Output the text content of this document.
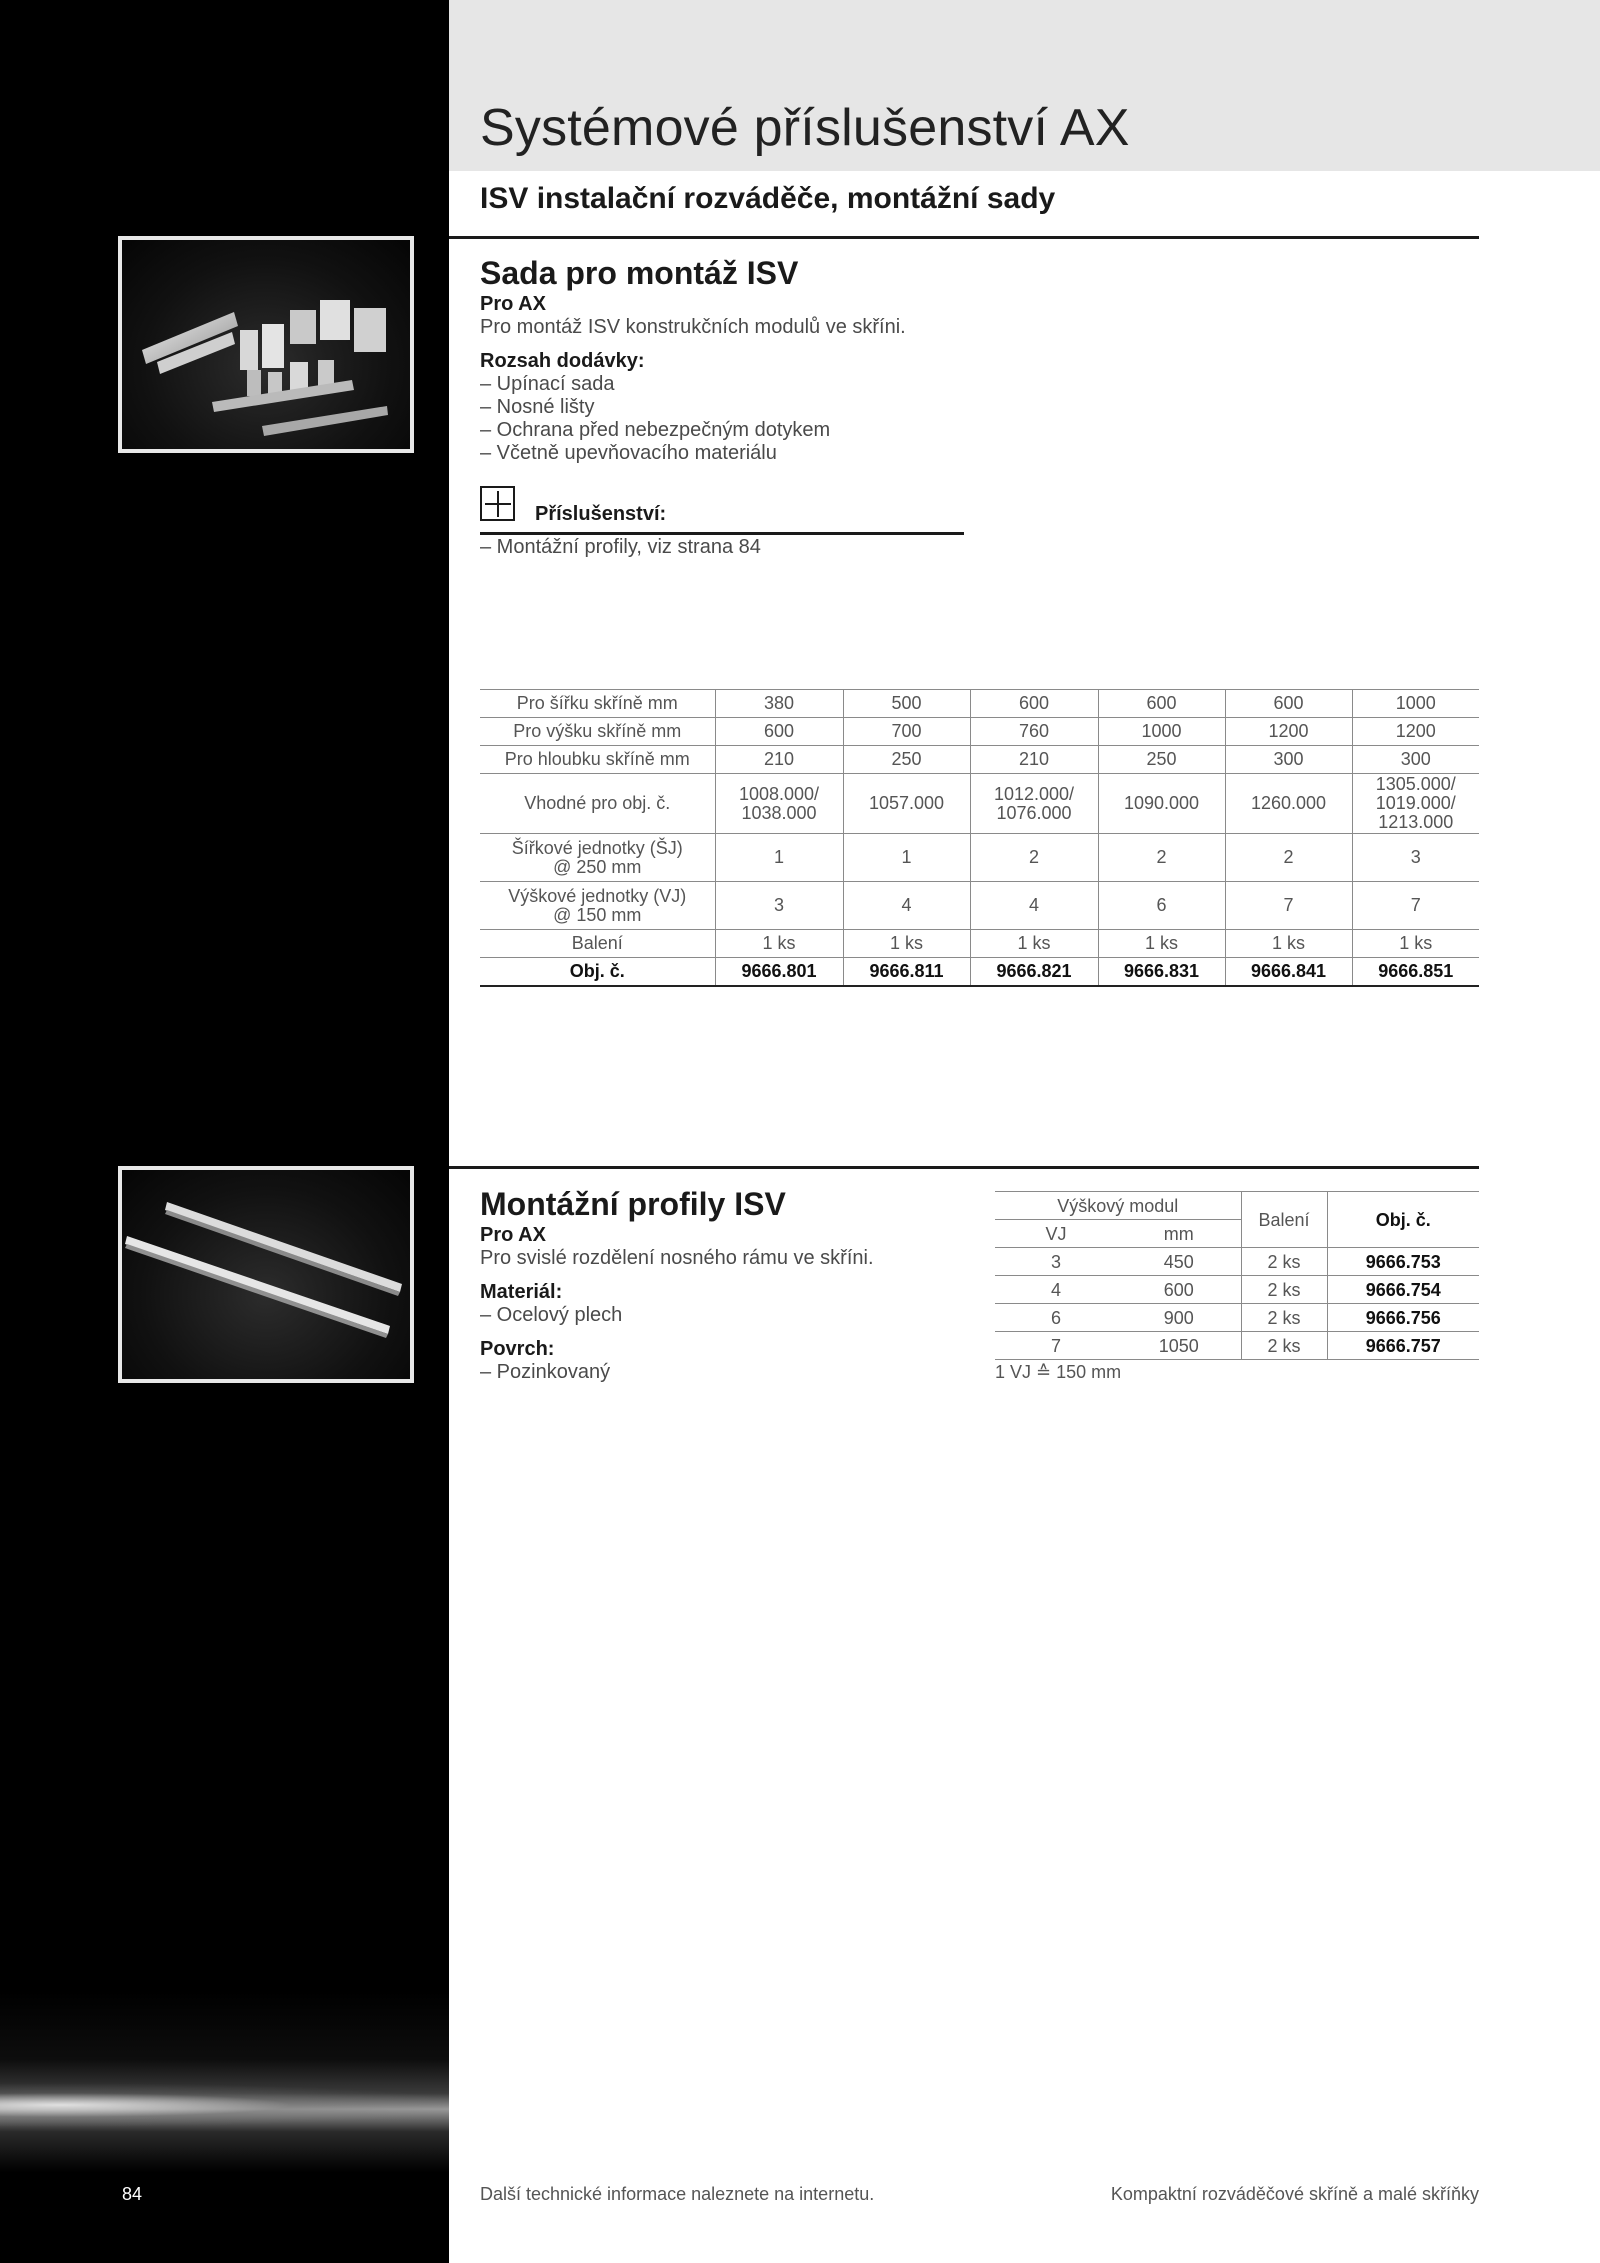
Systémové příslušenství AX
ISV instalační rozváděče, montážní sady

Sada pro montáž ISV

Pro AX

Pro montáž ISV konstrukčních modulů ve skříni.

Rozsah dodávky:

– Upínací sada

– Nosné lišty

– Ochrana před nebezpečným dotykem

– Včetně upevňovacího materiálu

Příslušenství:

– Montážní profily, viz strana 84

Pro šířku skříně mm	380	500	600	600	600	1000
Pro výšku skříně mm	600	700	760	1000	1200	1200
Pro hloubku skříně mm	210	250	210	250	300	300
Vhodné pro obj. č.	1008.000/
1038.000	1057.000	1012.000/
1076.000	1090.000	1260.000	1305.000/
1019.000/
1213.000
Šířkové jednotky (ŠJ)
@ 250 mm	1	1	2	2	2	3
Výškové jednotky (VJ)
@ 150 mm	3	4	4	6	7	7
Balení	1 ks	1 ks	1 ks	1 ks	1 ks	1 ks
Obj. č.	9666.801	9666.811	9666.821	9666.831	9666.841	9666.851

Montážní profily ISV

Pro AX

Pro svislé rozdělení nosného rámu ve skříni.

Materiál:

– Ocelový plech

Povrch:

– Pozinkovaný

Výškový modul		Balení	Obj. č.
VJ	mm		
3	450	2 ks	9666.753
4	600	2 ks	9666.754
6	900	2 ks	9666.756
7	1050	2 ks	9666.757
1 VJ ≙ 150 mm
84	Další technické informace naleznete na internetu.	Kompaktní rozváděčové skříně a malé skříňky
